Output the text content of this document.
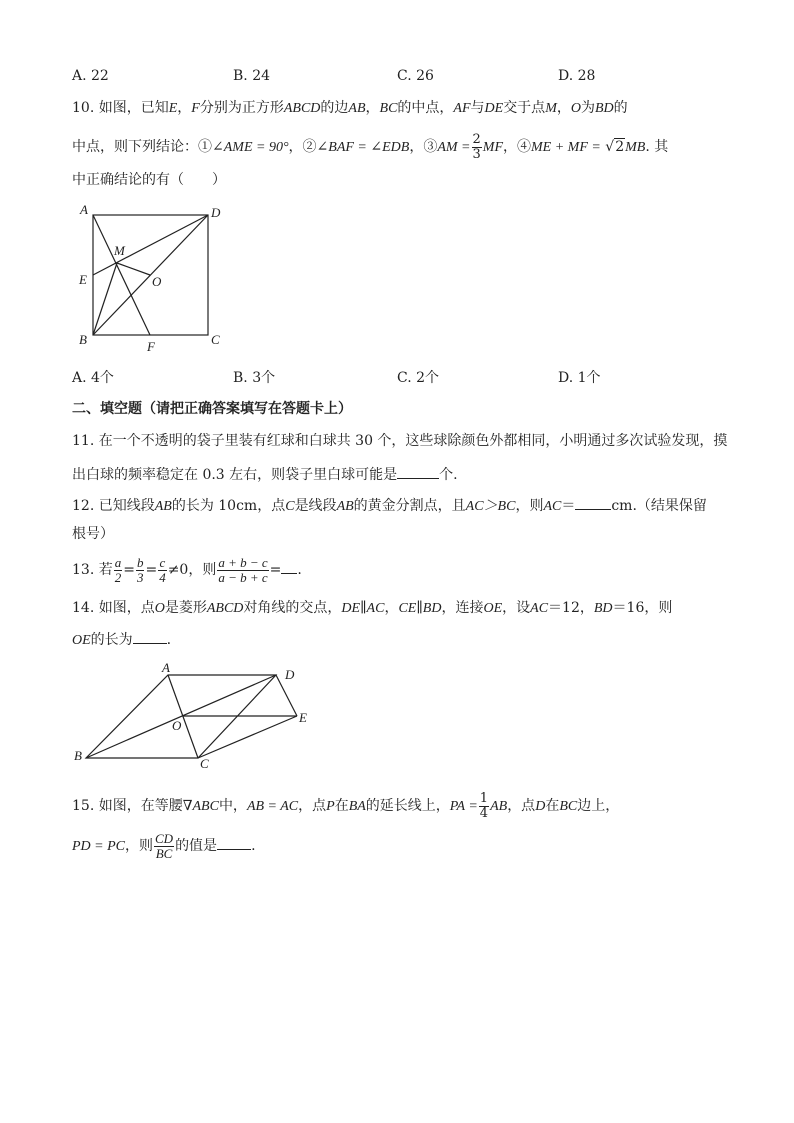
A. 22	B. 24	C. 26	D. 28
10. 如图，已知E，F分别为正方形ABCD的边AB，BC的中点，AF与DE交于点M，O为BD的
中点，则下列结论：①∠AME = 90°，②∠BAF = ∠EDB，③AM = $\frac{2}{3}$ MF，④ME + MF = √2MB. 其
中正确结论的有（　　）
A	D
M
E	O
B	F	C
A. 4个	B. 3个	C. 2个	D. 1个
二、填空题（请把正确答案填写在答题卡上）
11. 在一个不透明的袋子里装有红球和白球共 30 个，这些球除颜色外都相同，小明通过多次试验发现，摸
出白球的频率稳定在 0.3 左右，则袋子里白球可能是	个.
12. 已知线段AB的长为 10cm，点C是线段AB的黄金分割点，且AC＞BC，则AC＝	cm.（结果保留
根号）
13. 若 $\frac{a}{2} = \frac{b}{3} = \frac{c}{4} \ne 0$，则 $\frac{a + b - c}{a - b + c}$ = .
14. 如图，点O是菱形ABCD对角线的交点，DE∥AC，CE∥BD，连接OE，设AC＝12，BD＝16，则
OE的长为 .
A	D
E
O
B
C
15. 如图，在等腰∇ABC中，AB = AC，点P在BA的延长线上，PA = $\frac{1}{4}$ AB，点D在BC边上，
PD = PC，则 $\frac{CD}{BC}$ 的值是 .
